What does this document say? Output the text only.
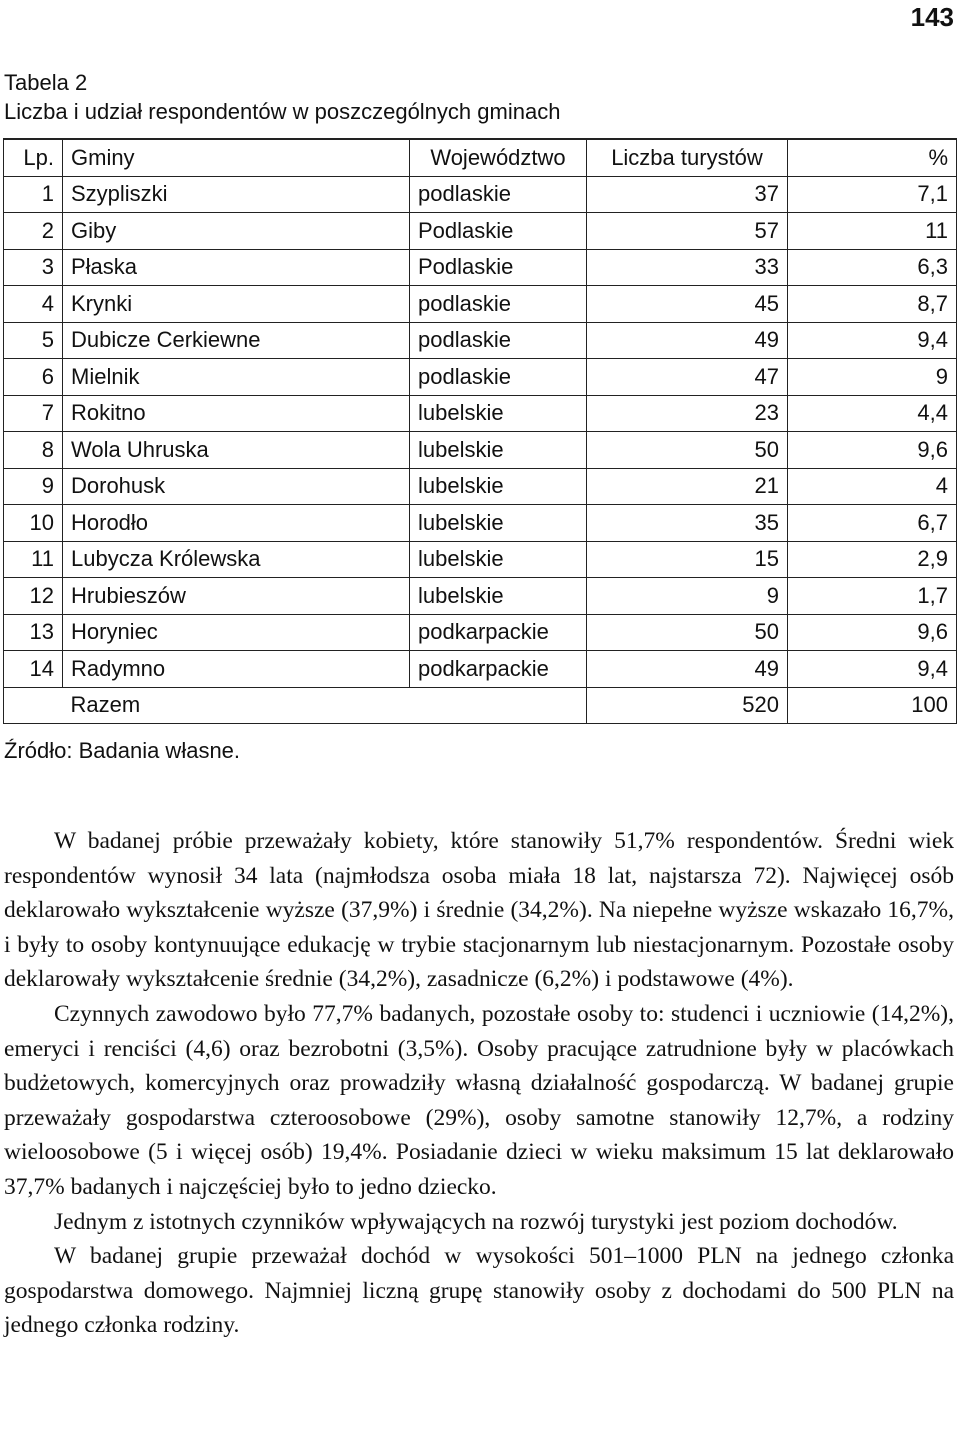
143
Tabela 2
Liczba i udział respondentów w poszczególnych gminach
Lp.	Gminy	Województwo	Liczba turystów	%
1	Szypliszki	podlaskie	37	7,1
2	Giby	Podlaskie	57	11
3	Płaska	Podlaskie	33	6,3
4	Krynki	podlaskie	45	8,7
5	Dubicze Cerkiewne	podlaskie	49	9,4
6	Mielnik	podlaskie	47	9
7	Rokitno	lubelskie	23	4,4
8	Wola Uhruska	lubelskie	50	9,6
9	Dorohusk	lubelskie	21	4
10	Horodło	lubelskie	35	6,7
11	Lubycza Królewska	lubelskie	15	2,9
12	Hrubieszów	lubelskie	9	1,7
13	Horyniec	podkarpackie	50	9,6
14	Radymno	podkarpackie	49	9,4
	Razem		520	100
Źródło: Badania własne.

W badanej próbie przeważały kobiety, które stanowiły 51,7% respondentów. Średni wiek respondentów wynosił 34 lata (najmłodsza osoba miała 18 lat, najstarsza 72). Najwięcej osób deklarowało wykształcenie wyższe (37,9%) i średnie (34,2%). Na niepełne wyższe wskazało 16,7%, i były to osoby kontynuujące edukację w trybie stacjonarnym lub niestacjonarnym. Pozostałe osoby deklarowały wykształcenie średnie (34,2%), zasadnicze (6,2%) i podstawowe (4%).

Czynnych zawodowo było 77,7% badanych, pozostałe osoby to: studenci i uczniowie (14,2%), emeryci i renciści (4,6) oraz bezrobotni (3,5%). Osoby pracujące zatrudnione były w placówkach budżetowych, komercyjnych oraz prowadziły własną działalność gospodarczą. W badanej grupie przeważały gospodarstwa czteroosobowe (29%), osoby samotne stanowiły 12,7%, a rodziny wieloosobowe (5 i więcej osób) 19,4%. Posiadanie dzieci w wieku maksimum 15 lat deklarowało 37,7% badanych i najczęściej było to jedno dziecko.

Jednym z istotnych czynników wpływających na rozwój turystyki jest poziom dochodów.

W badanej grupie przeważał dochód w wysokości 501–1000 PLN na jednego członka gospodarstwa domowego. Najmniej liczną grupę stanowiły osoby z dochodami do 500 PLN na jednego członka rodziny.
